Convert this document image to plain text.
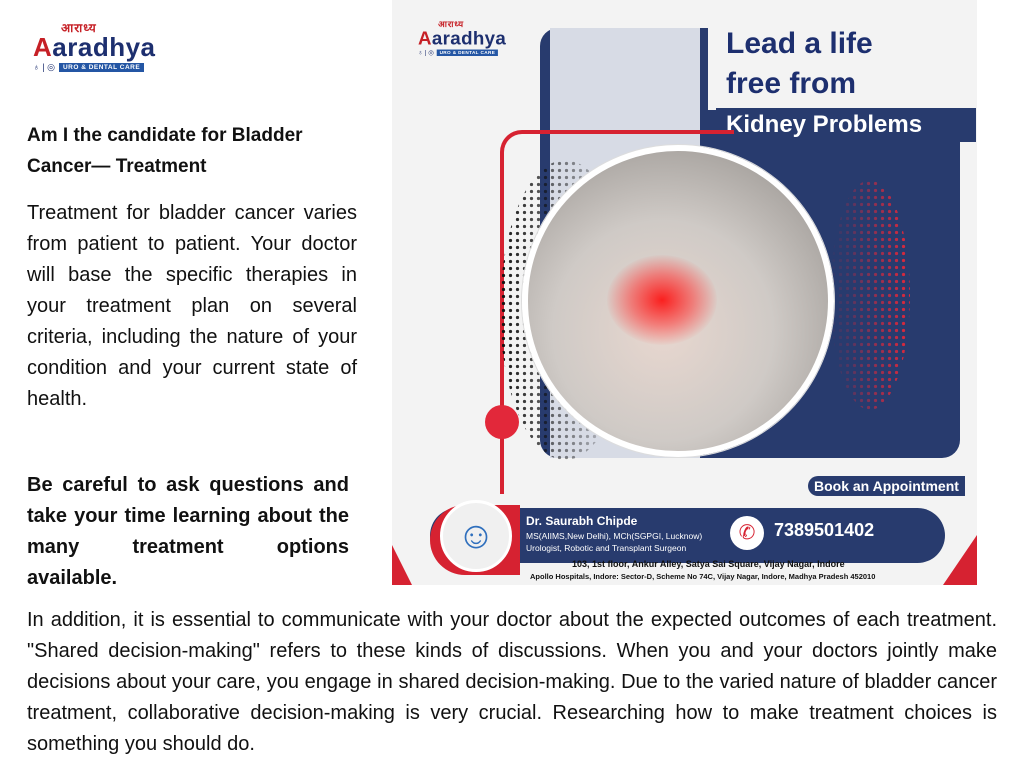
आराध्य
Aaradhya
♁ | ◎	URO & DENTAL CARE
Am I the candidate for Bladder Cancer— Treatment
Treatment for bladder cancer varies from patient to patient. Your doctor will base the specific therapies in your treatment plan on several criteria, including the nature of your condition and your current state of health.
Be careful to ask questions and take your time learning about the many treatment options available.
In addition, it is essential to communicate with your doctor about the expected outcomes of each treatment. "Shared decision-making" refers to these kinds of discussions. When you and your doctors jointly make decisions about your care, you engage in shared decision-making. Due to the varied nature of bladder cancer treatment, collaborative decision-making is very crucial. Researching how to make treatment choices is something you should do.
Lead a life
free from
Kidney Problems
आराध्य
Aaradhya
♁ | ◎ URO & DENTAL CARE
Book an Appointment
☺	Dr. Saurabh Chipde
MS(AIIMS,New Delhi), MCh(SGPGI, Lucknow)
Urologist, Robotic and Transplant Surgeon
✆	7389501402
103, 1st floor, Ankur Alley, Satya Sai Square, Vijay Nagar, Indore
Apollo Hospitals, Indore: Sector-D, Scheme No 74C, Vijay Nagar, Indore, Madhya Pradesh 452010
